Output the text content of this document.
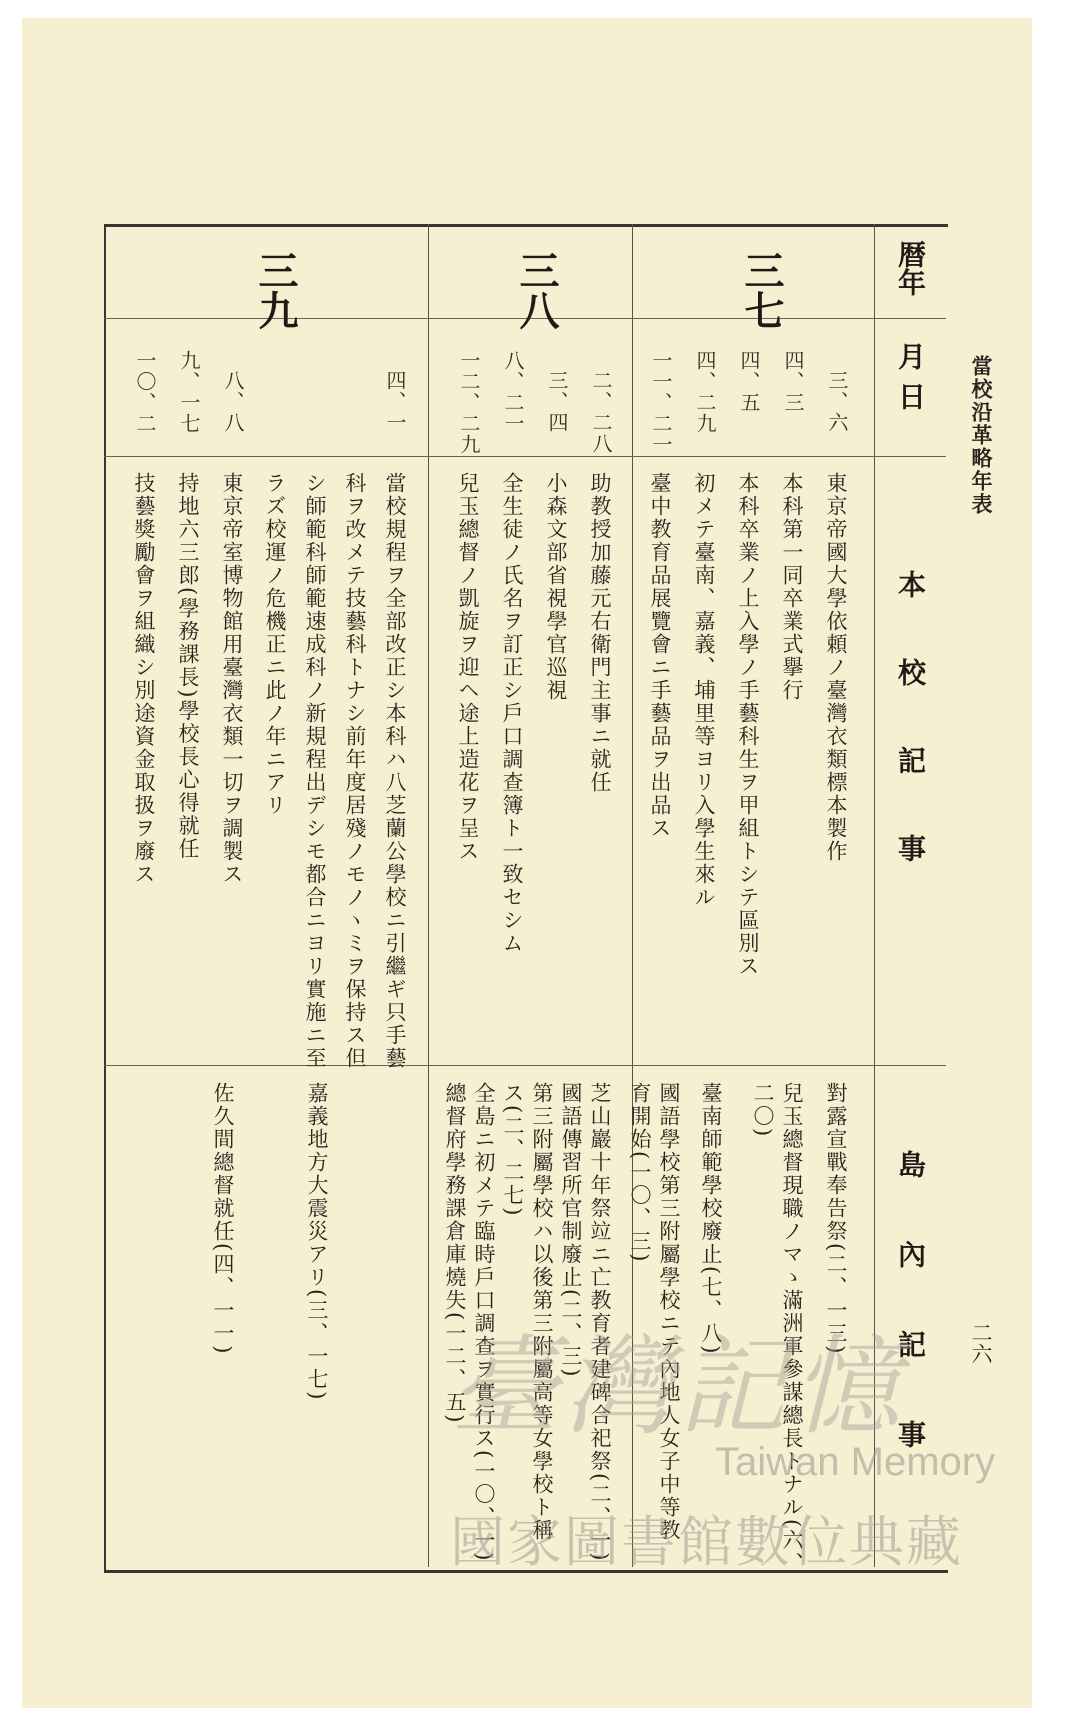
當校沿革略年表
二六
暦年
月日
本校記事
島內記事
三七
三八
三九
三、六
四、三
四、五
四、二九
一一、二一
東京帝國大學依頼ノ臺灣衣類標本製作
本科第一同卒業式擧行
本科卒業ノ上入學ノ手藝科生ヲ甲組トシテ區別ス
初メテ臺南、嘉義、埔里等ヨリ入學生來ル
臺中教育品展覽會ニ手藝品ヲ出品ス
對露宣戰奉告祭(二、一三)
兒玉總督現職ノマゝ滿洲軍參謀總長トナル(六、
二〇)
臺南師範學校廢止(七、八)
國語學校第三附屬學校ニテ內地人女子中等教
育開始(一〇、三)
二、二八
三、四
八、二一
一二、二九
助教授加藤元右衛門主事ニ就任
小森文部省視學官巡視
全生徒ノ氏名ヲ訂正シ戶口調查簿ト一致セシム
兒玉總督ノ凱旋ヲ迎ヘ途上造花ヲ呈ス
芝山巖十年祭竝ニ亡教育者建碑合祀祭(二、一)
國語傳習所官制廢止(二、三)
第三附屬學校ハ以後第三附屬高等女學校ト稱
ス(二、二七)
全島ニ初メテ臨時戶口調查ヲ實行ス(一〇、一)
總督府學務課倉庫燒失(一二、五)
四、一
八、八
九、一七
一〇、二
當校規程ヲ全部改正シ本科ハ八芝蘭公學校ニ引繼ギ只手藝
科ヲ改メテ技藝科トナシ前年度居殘ノモノヽミヲ保持ス但
シ師範科師範速成科ノ新規程出デシモ都合ニヨリ實施ニ至
ラズ校運ノ危機正ニ此ノ年ニアリ
東京帝室博物館用臺灣衣類一切ヲ調製ス
持地六三郎(學務課長)學校長心得就任
技藝獎勵會ヲ組織シ別途資金取扱ヲ廢ス
嘉義地方大震災アリ(三、一七)
佐久間總督就任(四、一一)
臺灣記憶
Taiwan Memory
國家圖書館數位典藏
